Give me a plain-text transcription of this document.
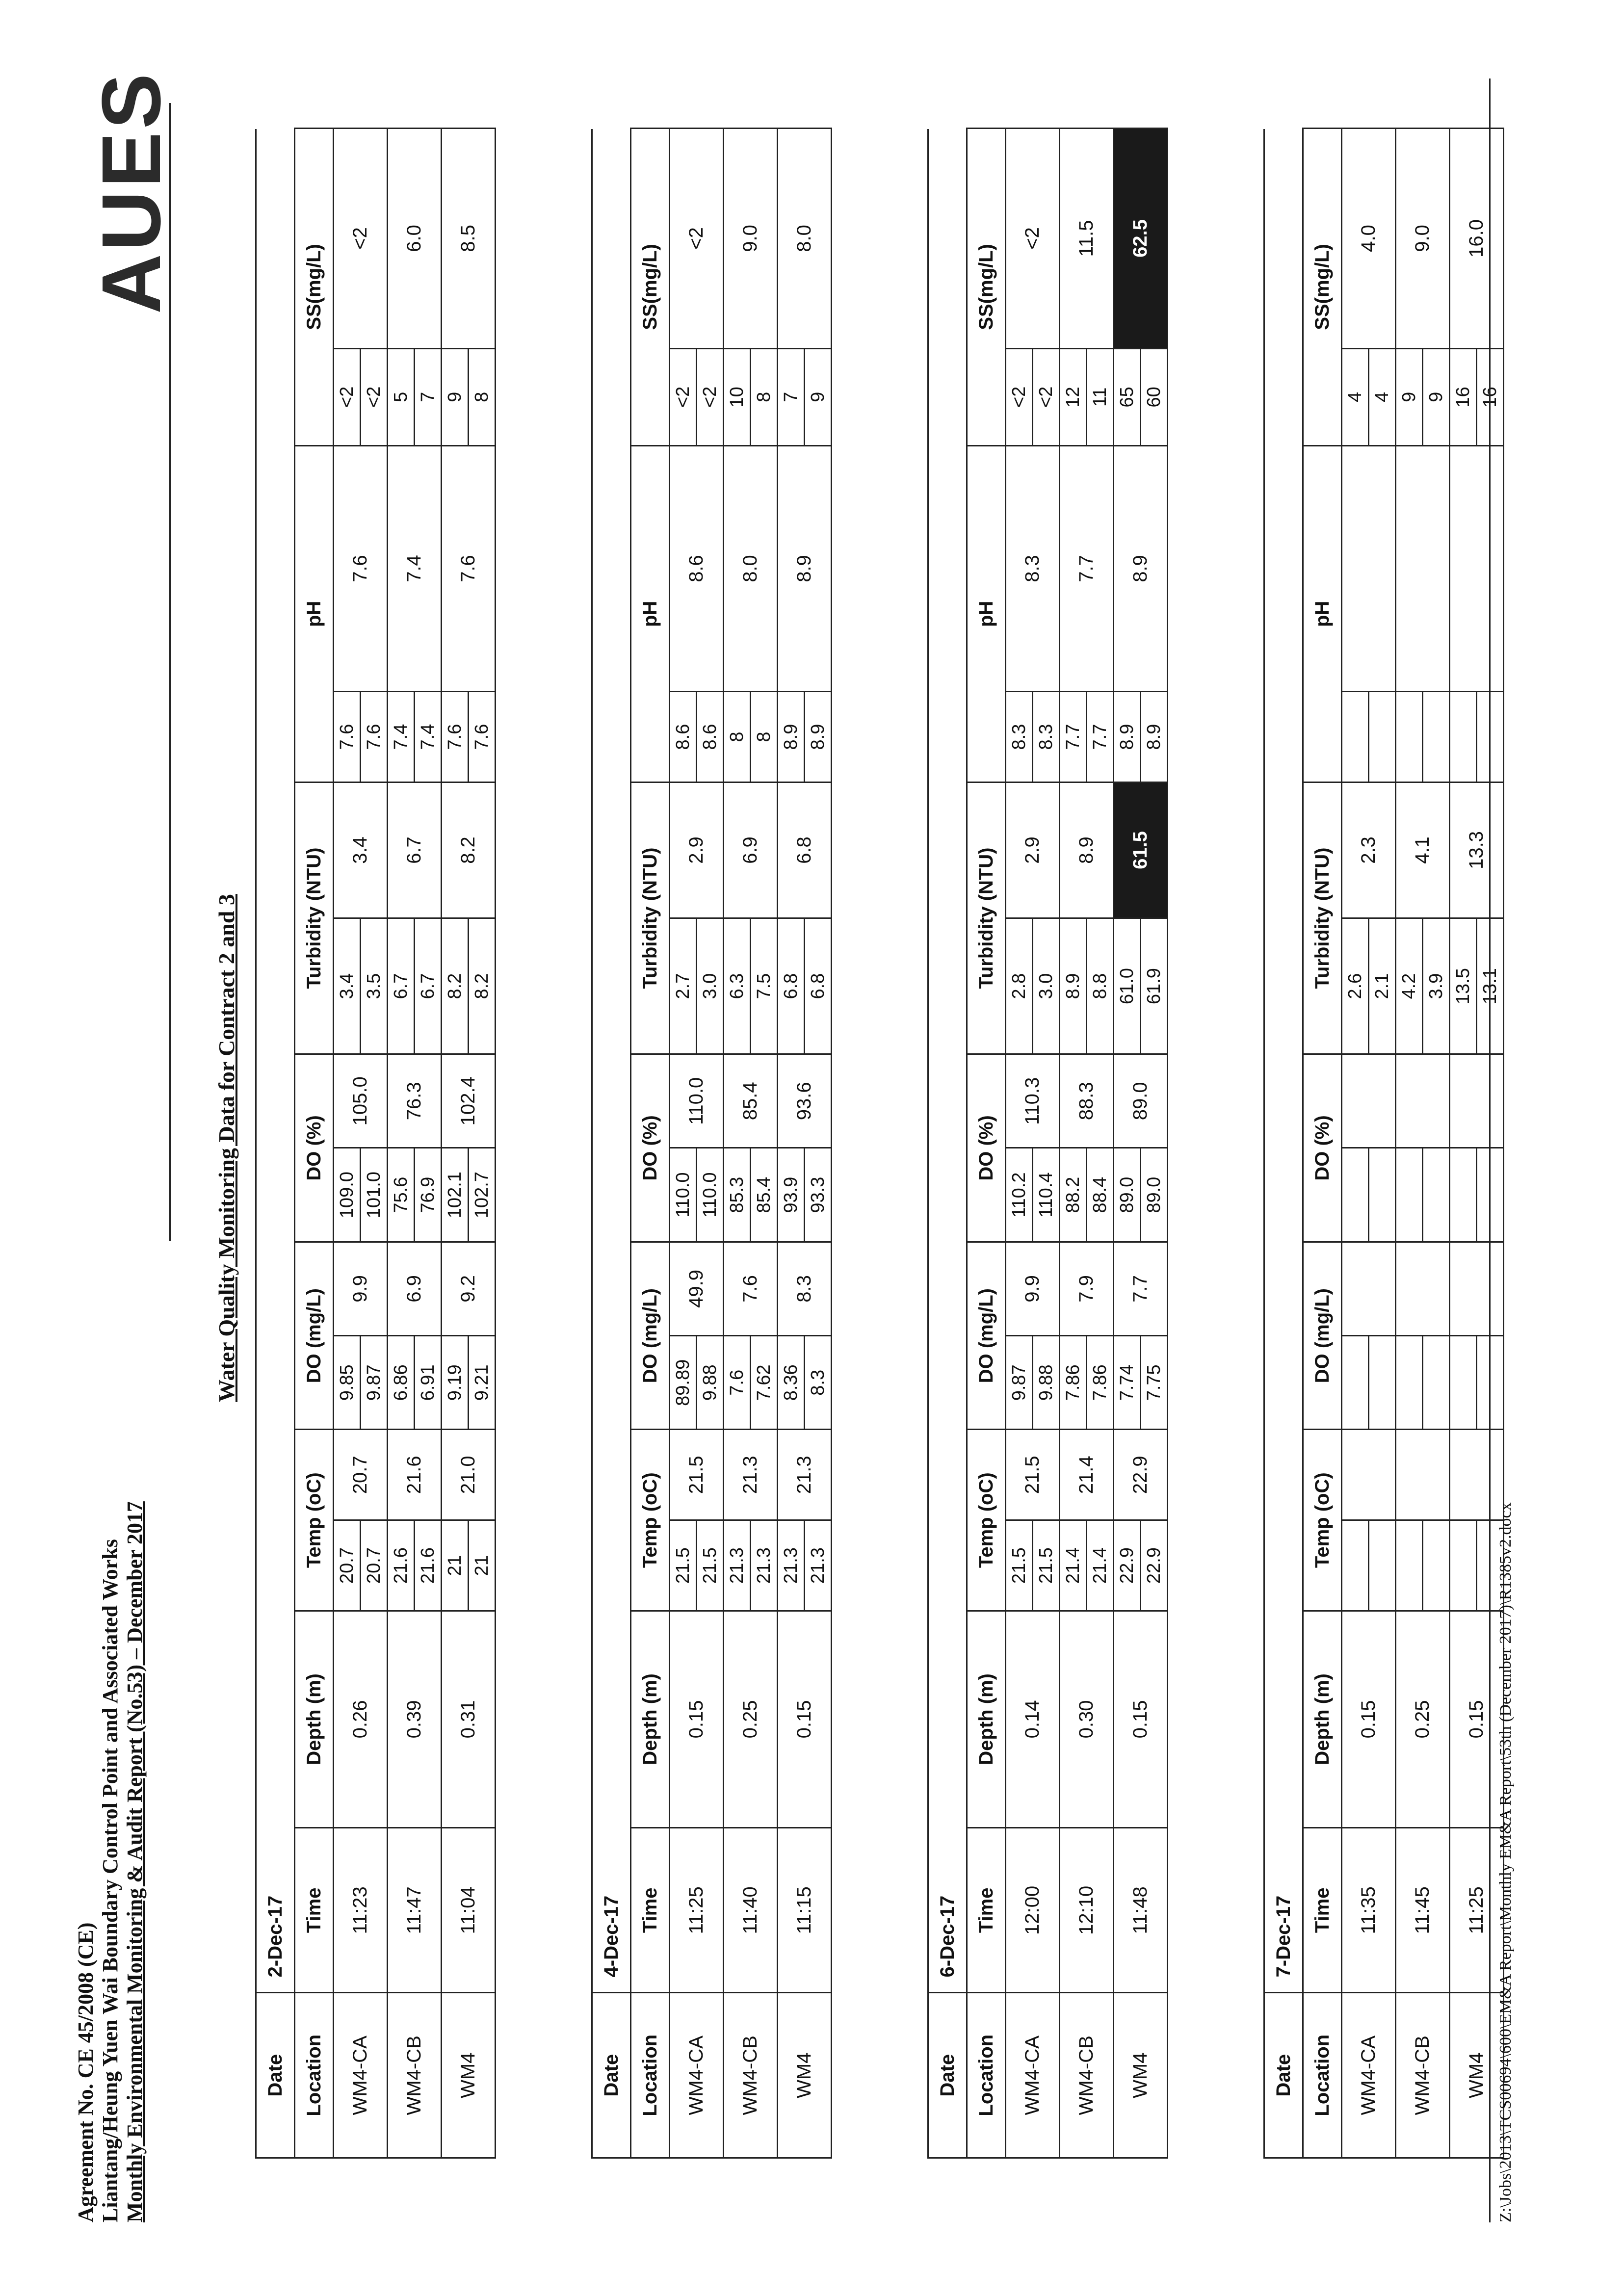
Agreement No. CE 45/2008 (CE) Liantang/Heung Yuen Wai Boundary Control Point and Associated Works Monthly Environmental Monitoring & Audit Report (No.53) – December 2017
AUES
Water Quality Monitoring Data for Contract 2 and 3
Date	2-Dec-17													
Location	Time	Depth (m)	Temp (oC)		DO (mg/L)		DO (%)		Turbidity (NTU)		pH		SS(mg/L)	
WM4-CA	11:23	0.26	20.7	20.7	9.85	9.9	109.0	105.0	3.4	3.4	7.6	7.6	<2	<2
			20.7		9.87		101.0		3.5		7.6		<2	
WM4-CB	11:47	0.39	21.6	21.6	6.86	6.9	75.6	76.3	6.7	6.7	7.4	7.4	5	6.0
			21.6		6.91		76.9		6.7		7.4		7	
WM4	11:04	0.31	21	21.0	9.19	9.2	102.1	102.4	8.2	8.2	7.6	7.6	9	8.5
			21		9.21		102.7		8.2		7.6		8	
Date	4-Dec-17													
Location	Time	Depth (m)	Temp (oC)		DO (mg/L)		DO (%)		Turbidity (NTU)		pH		SS(mg/L)	
WM4-CA	11:25	0.15	21.5	21.5	89.89	49.9	110.0	110.0	2.7	2.9	8.6	8.6	<2	<2
			21.5		9.88		110.0		3.0		8.6		<2	
WM4-CB	11:40	0.25	21.3	21.3	7.6	7.6	85.3	85.4	6.3	6.9	8	8.0	10	9.0
			21.3		7.62		85.4		7.5		8		8	
WM4	11:15	0.15	21.3	21.3	8.36	8.3	93.9	93.6	6.8	6.8	8.9	8.9	7	8.0
			21.3		8.3		93.3		6.8		8.9		9	
Date	6-Dec-17													
Location	Time	Depth (m)	Temp (oC)		DO (mg/L)		DO (%)		Turbidity (NTU)		pH		SS(mg/L)	
WM4-CA	12:00	0.14	21.5	21.5	9.87	9.9	110.2	110.3	2.8	2.9	8.3	8.3	<2	<2
			21.5		9.88		110.4		3.0		8.3		<2	
WM4-CB	12:10	0.30	21.4	21.4	7.86	7.9	88.2	88.3	8.9	8.9	7.7	7.7	12	11.5
			21.4		7.86		88.4		8.8		7.7		11	
WM4	11:48	0.15	22.9	22.9	7.74	7.7	89.0	89.0	61.0	61.5	8.9	8.9	65	62.5
			22.9		7.75		89.0		61.9		8.9		60	
Date	7-Dec-17													
Location	Time	Depth (m)	Temp (oC)		DO (mg/L)		DO (%)		Turbidity (NTU)		pH		SS(mg/L)	
WM4-CA	11:35	0.15							2.6	2.3			4	4.0
									2.1				4	
WM4-CB	11:45	0.25							4.2	4.1			9	9.0
									3.9				9	
WM4	11:25	0.15							13.5	13.3			16	16.0
									13.1				16	
Z:\Jobs\2013\TCS00694\600\EM&A Report\Monthly EM&A Report\53th (December 2017)\R1385v2.docx
